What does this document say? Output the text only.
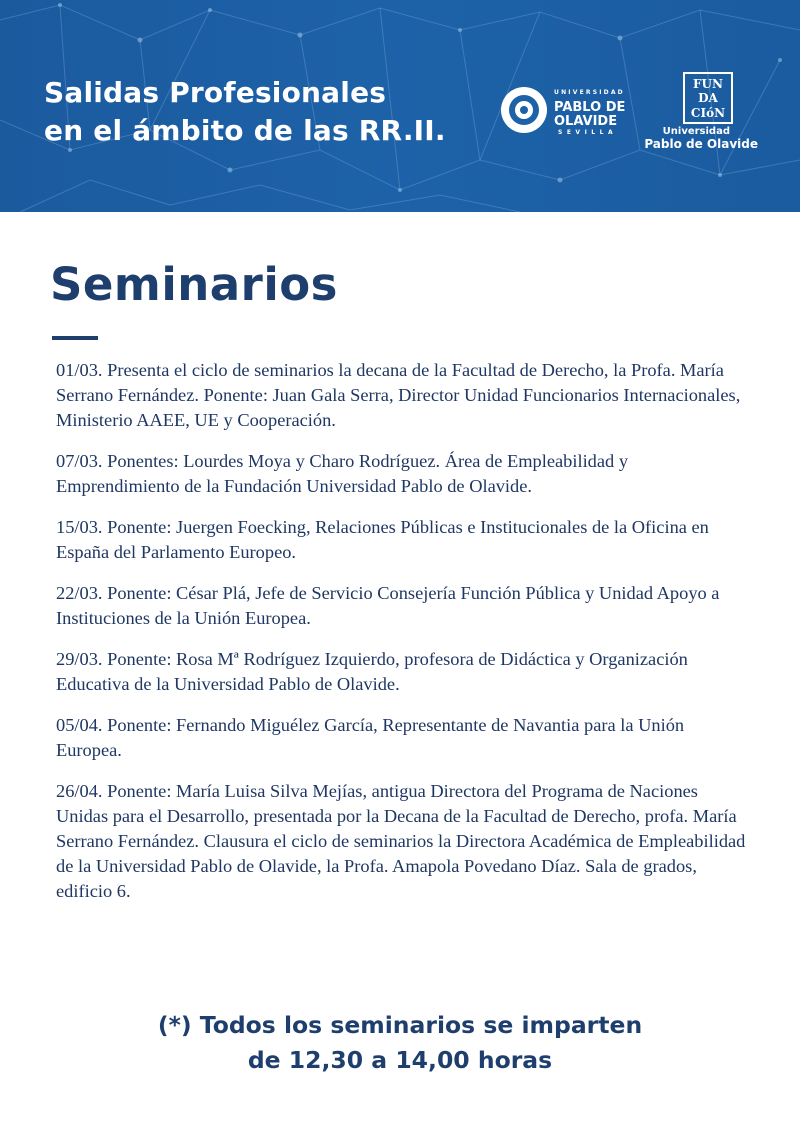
Salidas Profesionales
en el ámbito de las RR.II.
UNIVERSIDAD
PABLO DE
OLAVIDE
SEVILLA
FUN
DA
CIóN
Universidad
Pablo de Olavide
Seminarios

01/03. Presenta el ciclo de seminarios la decana de la Facultad de Derecho, la Profa. María Serrano Fernández. Ponente: Juan Gala Serra, Director Unidad Funcionarios Internacionales, Ministerio AAEE, UE y Cooperación.

07/03. Ponentes: Lourdes Moya y Charo Rodríguez. Área de Empleabilidad y Emprendimiento de la Fundación Universidad Pablo de Olavide.

15/03. Ponente: Juergen Foecking, Relaciones Públicas e Institucionales de la Oficina en España del Parlamento Europeo.

22/03. Ponente: César Plá, Jefe de Servicio Consejería Función Pública y Unidad Apoyo a Instituciones de la Unión Europea.

29/03. Ponente: Rosa Mª Rodríguez Izquierdo, profesora de Didáctica y Organización Educativa de la Universidad Pablo de Olavide.

05/04. Ponente: Fernando Miguélez García, Representante de Navantia para la Unión Europea.

26/04. Ponente: María Luisa Silva Mejías, antigua Directora del Programa de Naciones Unidas para el Desarrollo, presentada por la Decana de la Facultad de Derecho, profa. María Serrano Fernández. Clausura el ciclo de seminarios la Directora Académica de Empleabilidad de la Universidad Pablo de Olavide, la Profa. Amapola Povedano Díaz. Sala de grados, edificio 6.

(*) Todos los seminarios se imparten
de 12,30 a 14,00 horas
